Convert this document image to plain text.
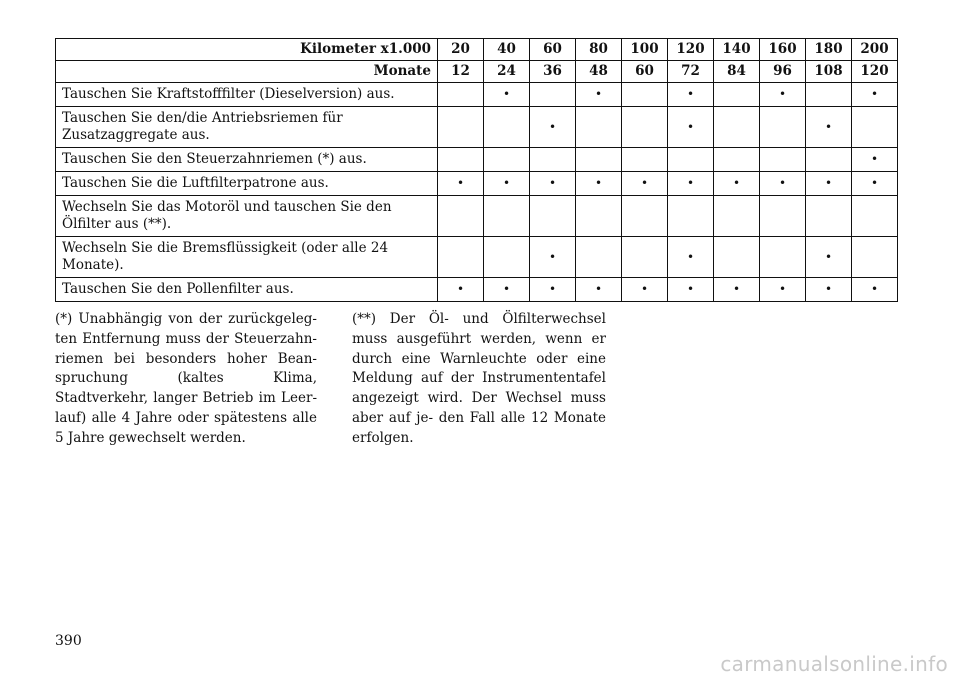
Kilometer x1.000	20	40	60	80	100	120	140	160	180	200
Monate	12	24	36	48	60	72	84	96	108	120
Tauschen Sie Kraftstofffilter (Dieselversion) aus.		•		•		•		•		•
Tauschen Sie den/die Antriebsriemen für Zusatzaggregate aus.			•			•			•	
Tauschen Sie den Steuerzahnriemen (*) aus.										•
Tauschen Sie die Luftfilterpatrone aus.	•	•	•	•	•	•	•	•	•	•
Wechseln Sie das Motoröl und tauschen Sie den Ölfilter aus (**).										
Wechseln Sie die Bremsflüssigkeit (oder alle 24 Monate).			•			•			•	
Tauschen Sie den Pollenfilter aus.	•	•	•	•	•	•	•	•	•	•
(*) Unabhängig von der zurückgeleg- ten Entfernung muss der Steuerzahn- riemen bei besonders hoher Bean- spruchung (kaltes Klima, Stadtverkehr, langer Betrieb im Leer- lauf) alle 4 Jahre oder spätestens alle 5 Jahre gewechselt werden.
(**) Der Öl- und Ölfilterwechsel muss ausgeführt werden, wenn er durch eine Warnleuchte oder eine Meldung auf der Instrumententafel angezeigt wird. Der Wechsel muss aber auf je- den Fall alle 12 Monate erfolgen.
390
carmanualsonline.info
